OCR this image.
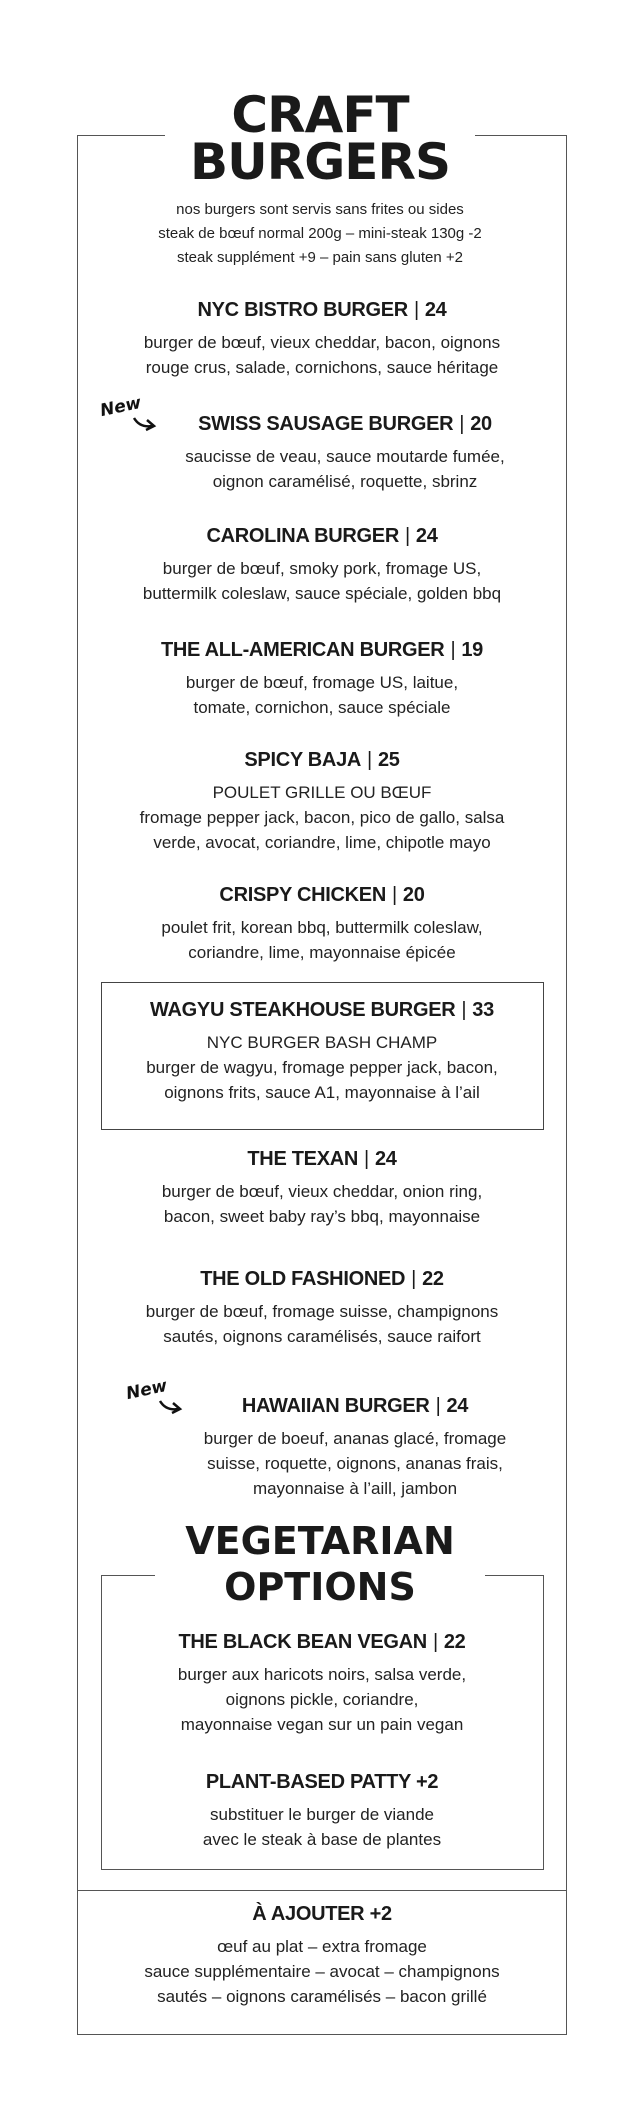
CRAFT
BURGERS
nos burgers sont servis sans frites ou sides
steak de bœuf normal 200g – mini-steak 130g -2
steak supplément +9 – pain sans gluten +2
NYC BISTRO BURGER | 24
burger de bœuf, vieux cheddar, bacon, oignons
rouge crus, salade, cornichons, sauce héritage
New
SWISS SAUSAGE BURGER | 20
saucisse de veau, sauce moutarde fumée,
oignon caramélisé, roquette, sbrinz
CAROLINA BURGER | 24
burger de bœuf, smoky pork, fromage US,
buttermilk coleslaw, sauce spéciale, golden bbq
THE ALL-AMERICAN BURGER | 19
burger de bœuf, fromage US, laitue,
tomate, cornichon, sauce spéciale
SPICY BAJA | 25
POULET GRILLE OU BŒUF
fromage pepper jack, bacon, pico de gallo, salsa
verde, avocat, coriandre, lime, chipotle mayo
CRISPY CHICKEN | 20
poulet frit, korean bbq, buttermilk coleslaw,
coriandre, lime, mayonnaise épicée
WAGYU STEAKHOUSE BURGER | 33
NYC BURGER BASH CHAMP
burger de wagyu, fromage pepper jack, bacon,
oignons frits, sauce A1, mayonnaise à l’ail
THE TEXAN | 24
burger de bœuf, vieux cheddar, onion ring,
bacon, sweet baby ray’s bbq, mayonnaise
THE OLD FASHIONED | 22
burger de bœuf, fromage suisse, champignons
sautés, oignons caramélisés, sauce raifort
New
HAWAIIAN BURGER | 24
burger de boeuf, ananas glacé, fromage
suisse, roquette, oignons, ananas frais,
mayonnaise à l’aill, jambon
VEGETARIAN
OPTIONS
THE BLACK BEAN VEGAN | 22
burger aux haricots noirs, salsa verde,
oignons pickle, coriandre,
mayonnaise vegan sur un pain vegan
PLANT-BASED PATTY +2
substituer le burger de viande
avec le steak à base de plantes
À AJOUTER +2
œuf au plat – extra fromage
sauce supplémentaire – avocat – champignons
sautés – oignons caramélisés – bacon grillé
